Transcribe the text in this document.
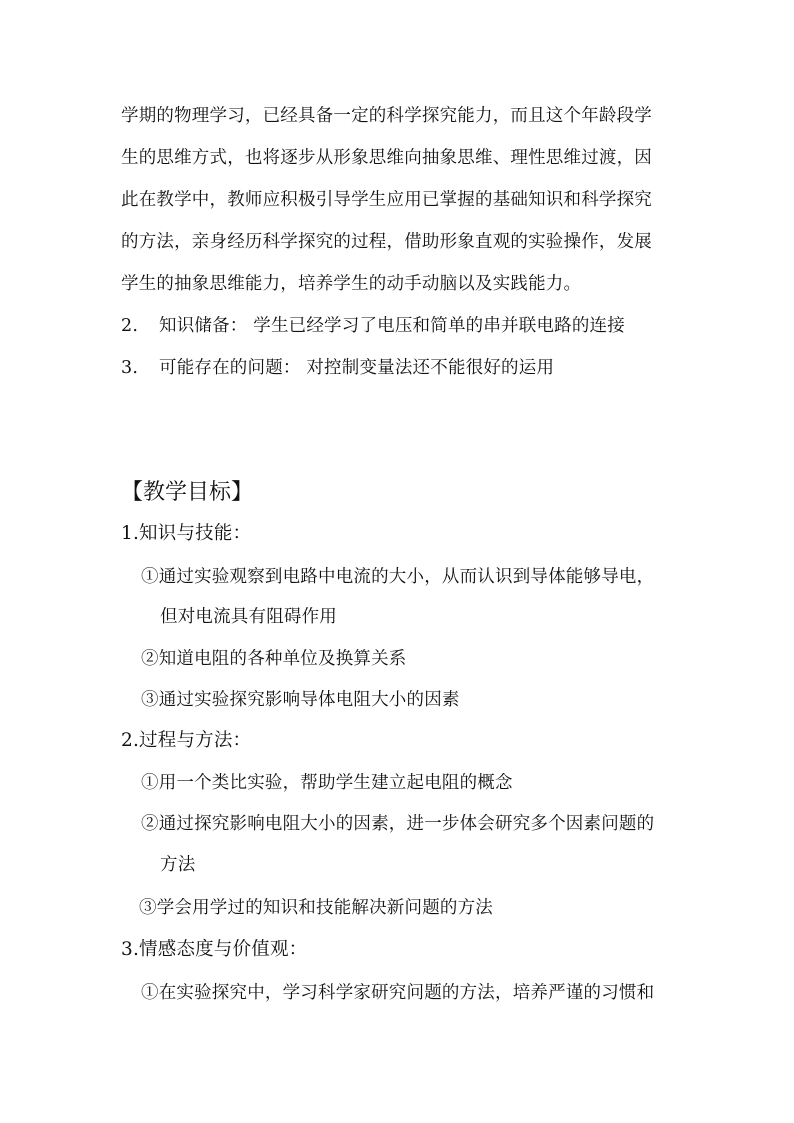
学期的物理学习，已经具备一定的科学探究能力，而且这个年龄段学
生的思维方式，也将逐步从形象思维向抽象思维、理性思维过渡，因
此在教学中，教师应积极引导学生应用已掌握的基础知识和科学探究
的方法，亲身经历科学探究的过程，借助形象直观的实验操作，发展
学生的抽象思维能力，培养学生的动手动脑以及实践能力。
2. 知识储备： 学生已经学习了电压和简单的串并联电路的连接
3. 可能存在的问题： 对控制变量法还不能很好的运用
【教学目标】
1.知识与技能：
①通过实验观察到电路中电流的大小，从而认识到导体能够导电，
但对电流具有阻碍作用
②知道电阻的各种单位及换算关系
③通过实验探究影响导体电阻大小的因素
2.过程与方法：
①用一个类比实验，帮助学生建立起电阻的概念
②通过探究影响电阻大小的因素，进一步体会研究多个因素问题的
方法
③学会用学过的知识和技能解决新问题的方法
3.情感态度与价值观：
①在实验探究中，学习科学家研究问题的方法，培养严谨的习惯和
